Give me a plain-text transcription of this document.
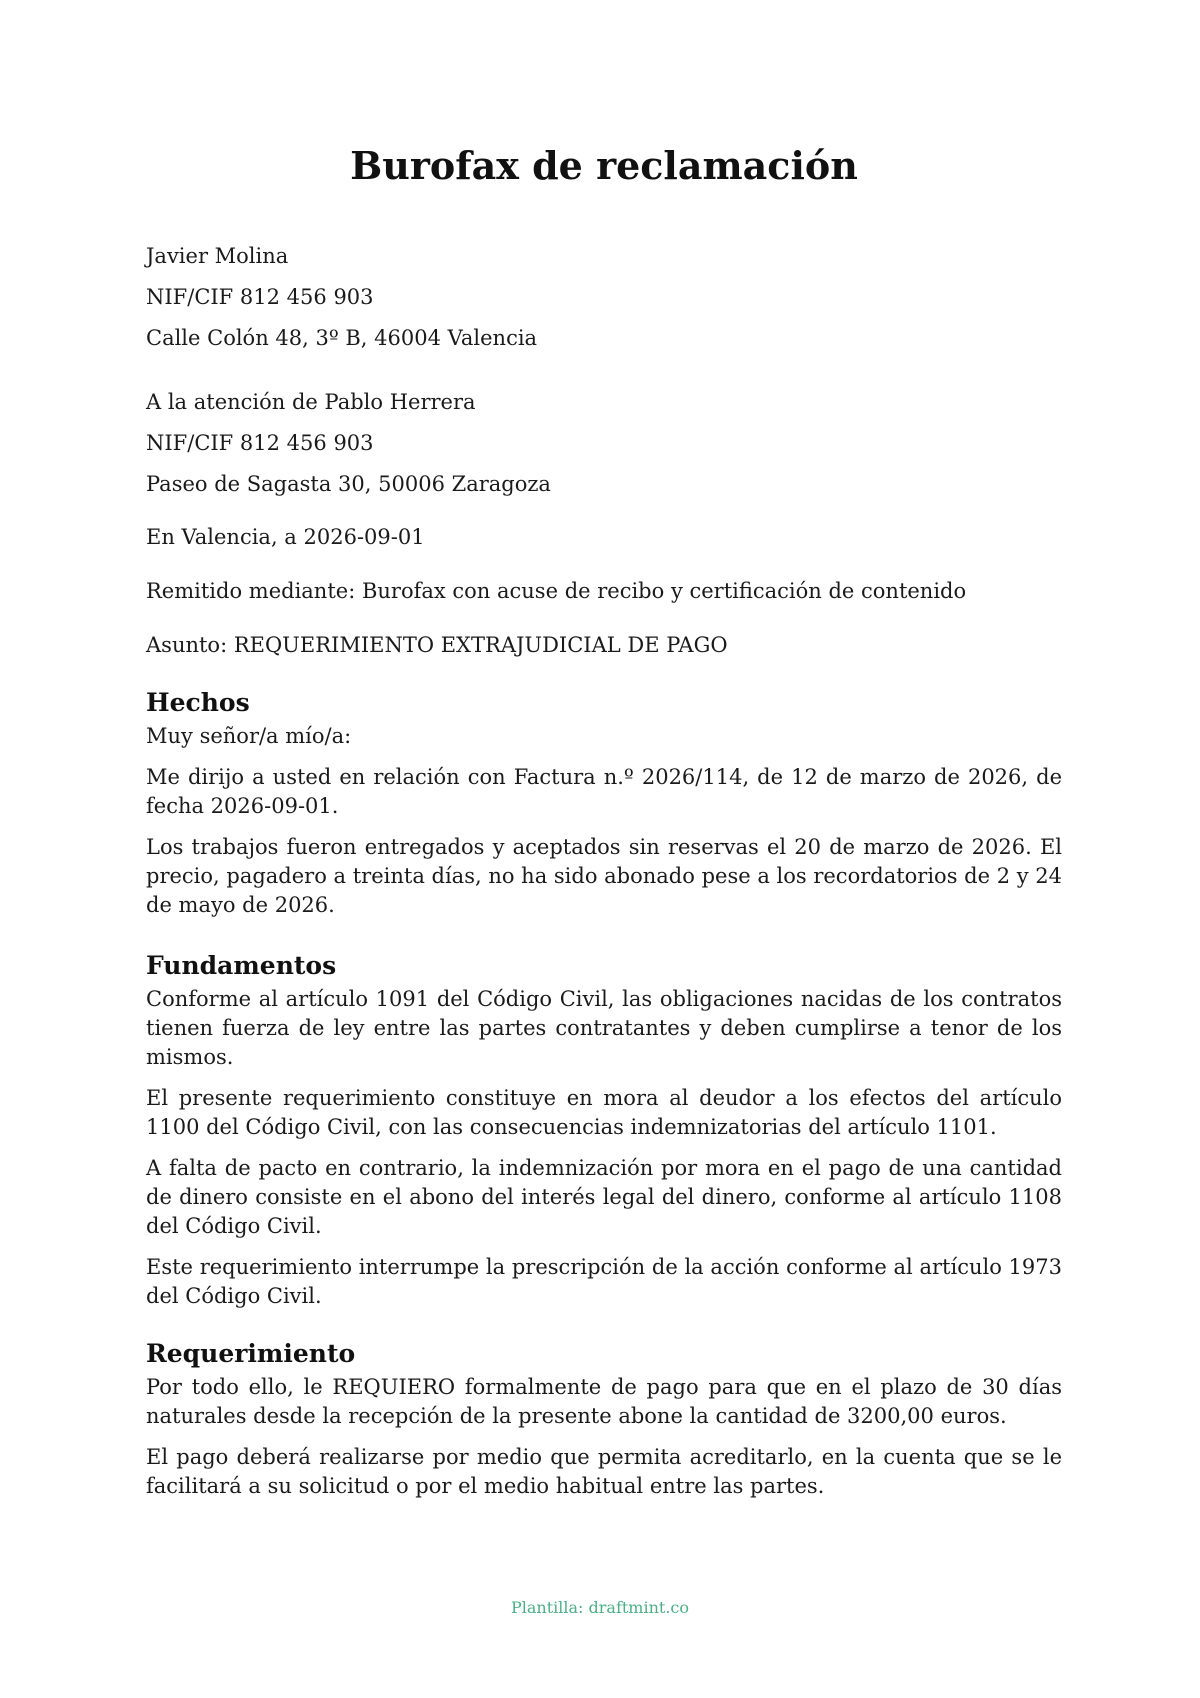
Burofax de reclamación

Javier Molina

NIF/CIF 812 456 903

Calle Colón 48, 3º B, 46004 Valencia

A la atención de Pablo Herrera

NIF/CIF 812 456 903

Paseo de Sagasta 30, 50006 Zaragoza

En Valencia, a 2026-09-01

Remitido mediante: Burofax con acuse de recibo y certificación de contenido

Asunto: REQUERIMIENTO EXTRAJUDICIAL DE PAGO

Hechos

Muy señor/a mío/a:

Me dirijo a usted en relación con Factura n.º 2026/114, de 12 de marzo de 2026, de fecha 2026-09-01.

Los trabajos fueron entregados y aceptados sin reservas el 20 de marzo de 2026. El precio, pagadero a treinta días, no ha sido abonado pese a los recordatorios de 2 y 24 de mayo de 2026.

Fundamentos

Conforme al artículo 1091 del Código Civil, las obligaciones nacidas de los contratos tienen fuerza de ley entre las partes contratantes y deben cumplirse a tenor de los mismos.

El presente requerimiento constituye en mora al deudor a los efectos del artículo 1100 del Código Civil, con las consecuencias indemnizatorias del artículo 1101.

A falta de pacto en contrario, la indemnización por mora en el pago de una cantidad de dinero consiste en el abono del interés legal del dinero, conforme al artículo 1108 del Código Civil.

Este requerimiento interrumpe la prescripción de la acción conforme al artículo 1973 del Código Civil.

Requerimiento

Por todo ello, le REQUIERO formalmente de pago para que en el plazo de 30 días naturales desde la recepción de la presente abone la cantidad de 3200,00 euros.

El pago deberá realizarse por medio que permita acreditarlo, en la cuenta que se le facilitará a su solicitud o por el medio habitual entre las partes.

Plantilla: draftmint.co
